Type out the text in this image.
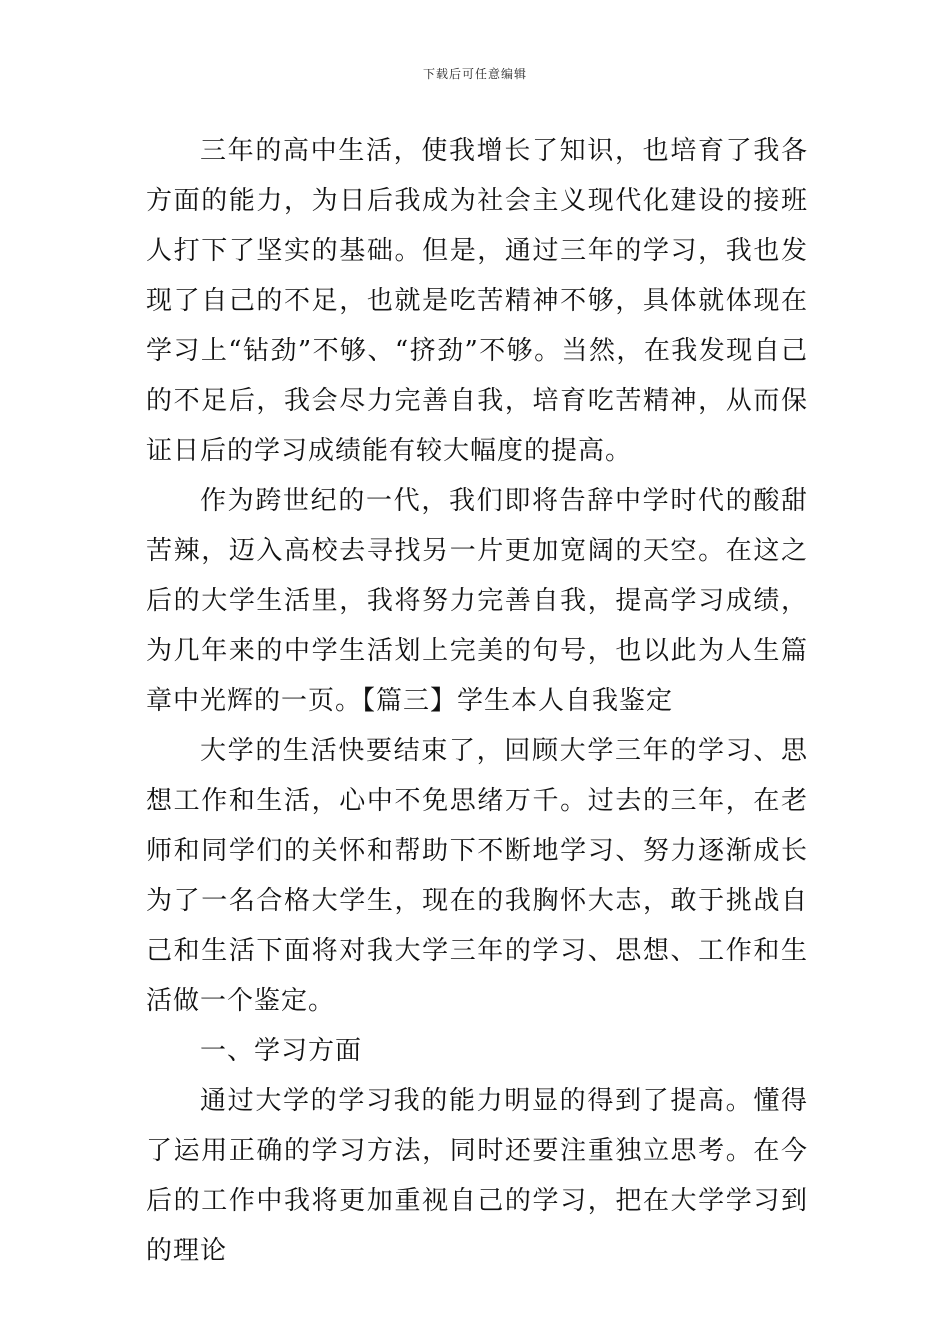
下载后可任意编辑

三年的高中生活，使我增长了知识，也培育了我各方面的能力，为日后我成为社会主义现代化建设的接班人打下了坚实的基础。但是，通过三年的学习，我也发现了自己的不足，也就是吃苦精神不够，具体就体现在学习上“钻劲”不够、“挤劲”不够。当然，在我发现自己的不足后，我会尽力完善自我，培育吃苦精神，从而保证日后的学习成绩能有较大幅度的提高。

作为跨世纪的一代，我们即将告辞中学时代的酸甜苦辣，迈入高校去寻找另一片更加宽阔的天空。在这之后的大学生活里，我将努力完善自我，提高学习成绩，为几年来的中学生活划上完美的句号，也以此为人生篇章中光辉的一页。【篇三】学生本人自我鉴定

大学的生活快要结束了，回顾大学三年的学习、思想工作和生活，心中不免思绪万千。过去的三年，在老师和同学们的关怀和帮助下不断地学习、努力逐渐成长为了一名合格大学生，现在的我胸怀大志，敢于挑战自己和生活下面将对我大学三年的学习、思想、工作和生活做一个鉴定。

一、学习方面

通过大学的学习我的能力明显的得到了提高。懂得了运用正确的学习方法，同时还要注重独立思考。在今后的工作中我将更加重视自己的学习，把在大学学习到的理论
